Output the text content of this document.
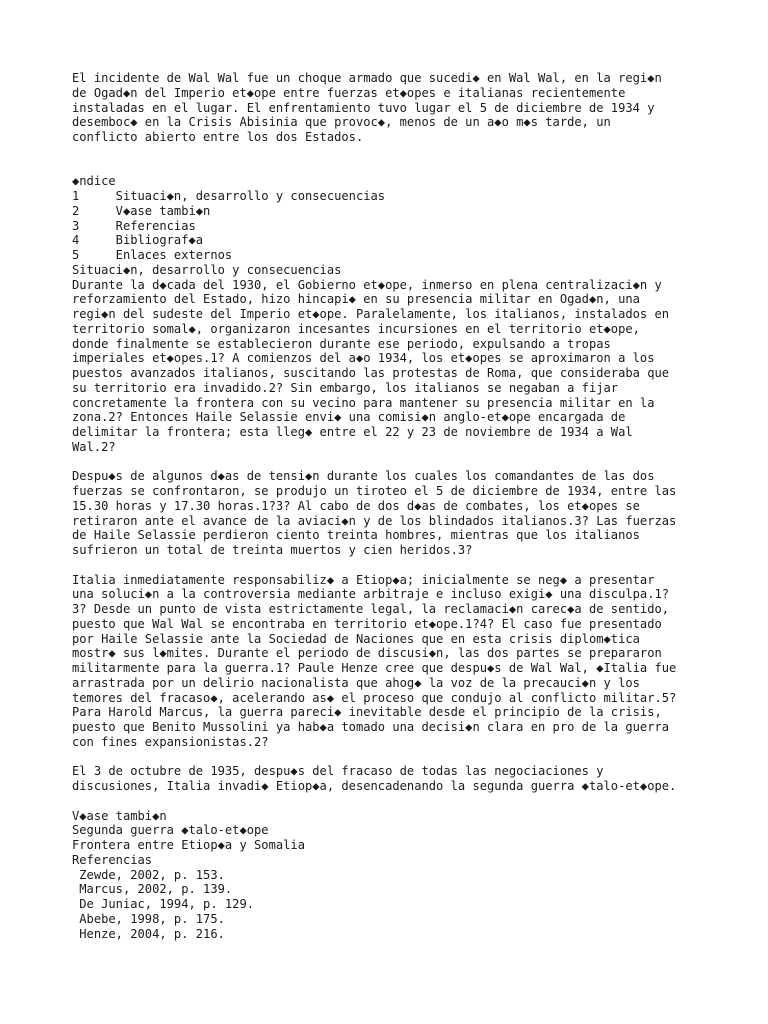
El incidente de Wal Wal fue un choque armado que sucedi◆ en Wal Wal, en la regi◆n
de Ogad◆n del Imperio et◆ope entre fuerzas et◆opes e italianas recientemente
instaladas en el lugar. El enfrentamiento tuvo lugar el 5 de diciembre de 1934 y
desemboc◆ en la Crisis Abisinia que provoc◆, menos de un a◆o m◆s tarde, un
conflicto abierto entre los dos Estados.
◆ndice
1     Situaci◆n, desarrollo y consecuencias
2     V◆ase tambi◆n
3     Referencias
4     Bibliograf◆a
5     Enlaces externos
Situaci◆n, desarrollo y consecuencias
Durante la d◆cada del 1930, el Gobierno et◆ope, inmerso en plena centralizaci◆n y
reforzamiento del Estado, hizo hincapi◆ en su presencia militar en Ogad◆n, una
regi◆n del sudeste del Imperio et◆ope. Paralelamente, los italianos, instalados en
territorio somal◆, organizaron incesantes incursiones en el territorio et◆ope,
donde finalmente se establecieron durante ese periodo, expulsando a tropas
imperiales et◆opes.1? A comienzos del a◆o 1934, los et◆opes se aproximaron a los
puestos avanzados italianos, suscitando las protestas de Roma, que consideraba que
su territorio era invadido.2? Sin embargo, los italianos se negaban a fijar
concretamente la frontera con su vecino para mantener su presencia militar en la
zona.2? Entonces Haile Selassie envi◆ una comisi◆n anglo-et◆ope encargada de
delimitar la frontera; esta lleg◆ entre el 22 y 23 de noviembre de 1934 a Wal
Wal.2?
Despu◆s de algunos d◆as de tensi◆n durante los cuales los comandantes de las dos
fuerzas se confrontaron, se produjo un tiroteo el 5 de diciembre de 1934, entre las
15.30 horas y 17.30 horas.1?3? Al cabo de dos d◆as de combates, los et◆opes se
retiraron ante el avance de la aviaci◆n y de los blindados italianos.3? Las fuerzas
de Haile Selassie perdieron ciento treinta hombres, mientras que los italianos
sufrieron un total de treinta muertos y cien heridos.3?
Italia inmediatamente responsabiliz◆ a Etiop◆a; inicialmente se neg◆ a presentar
una soluci◆n a la controversia mediante arbitraje e incluso exigi◆ una disculpa.1?
3? Desde un punto de vista estrictamente legal, la reclamaci◆n carec◆a de sentido,
puesto que Wal Wal se encontraba en territorio et◆ope.1?4? El caso fue presentado
por Haile Selassie ante la Sociedad de Naciones que en esta crisis diplom◆tica
mostr◆ sus l◆mites. Durante el periodo de discusi◆n, las dos partes se prepararon
militarmente para la guerra.1? Paule Henze cree que despu◆s de Wal Wal, ◆Italia fue
arrastrada por un delirio nacionalista que ahog◆ la voz de la precauci◆n y los
temores del fracaso◆, acelerando as◆ el proceso que condujo al conflicto militar.5?
Para Harold Marcus, la guerra pareci◆ inevitable desde el principio de la crisis,
puesto que Benito Mussolini ya hab◆a tomado una decisi◆n clara en pro de la guerra
con fines expansionistas.2?
El 3 de octubre de 1935, despu◆s del fracaso de todas las negociaciones y
discusiones, Italia invadi◆ Etiop◆a, desencadenando la segunda guerra ◆talo-et◆ope.
V◆ase tambi◆n
Segunda guerra ◆talo-et◆ope
Frontera entre Etiop◆a y Somalia
Referencias
Zewde, 2002, p. 153.
Marcus, 2002, p. 139.
De Juniac, 1994, p. 129.
Abebe, 1998, p. 175.
Henze, 2004, p. 216.
